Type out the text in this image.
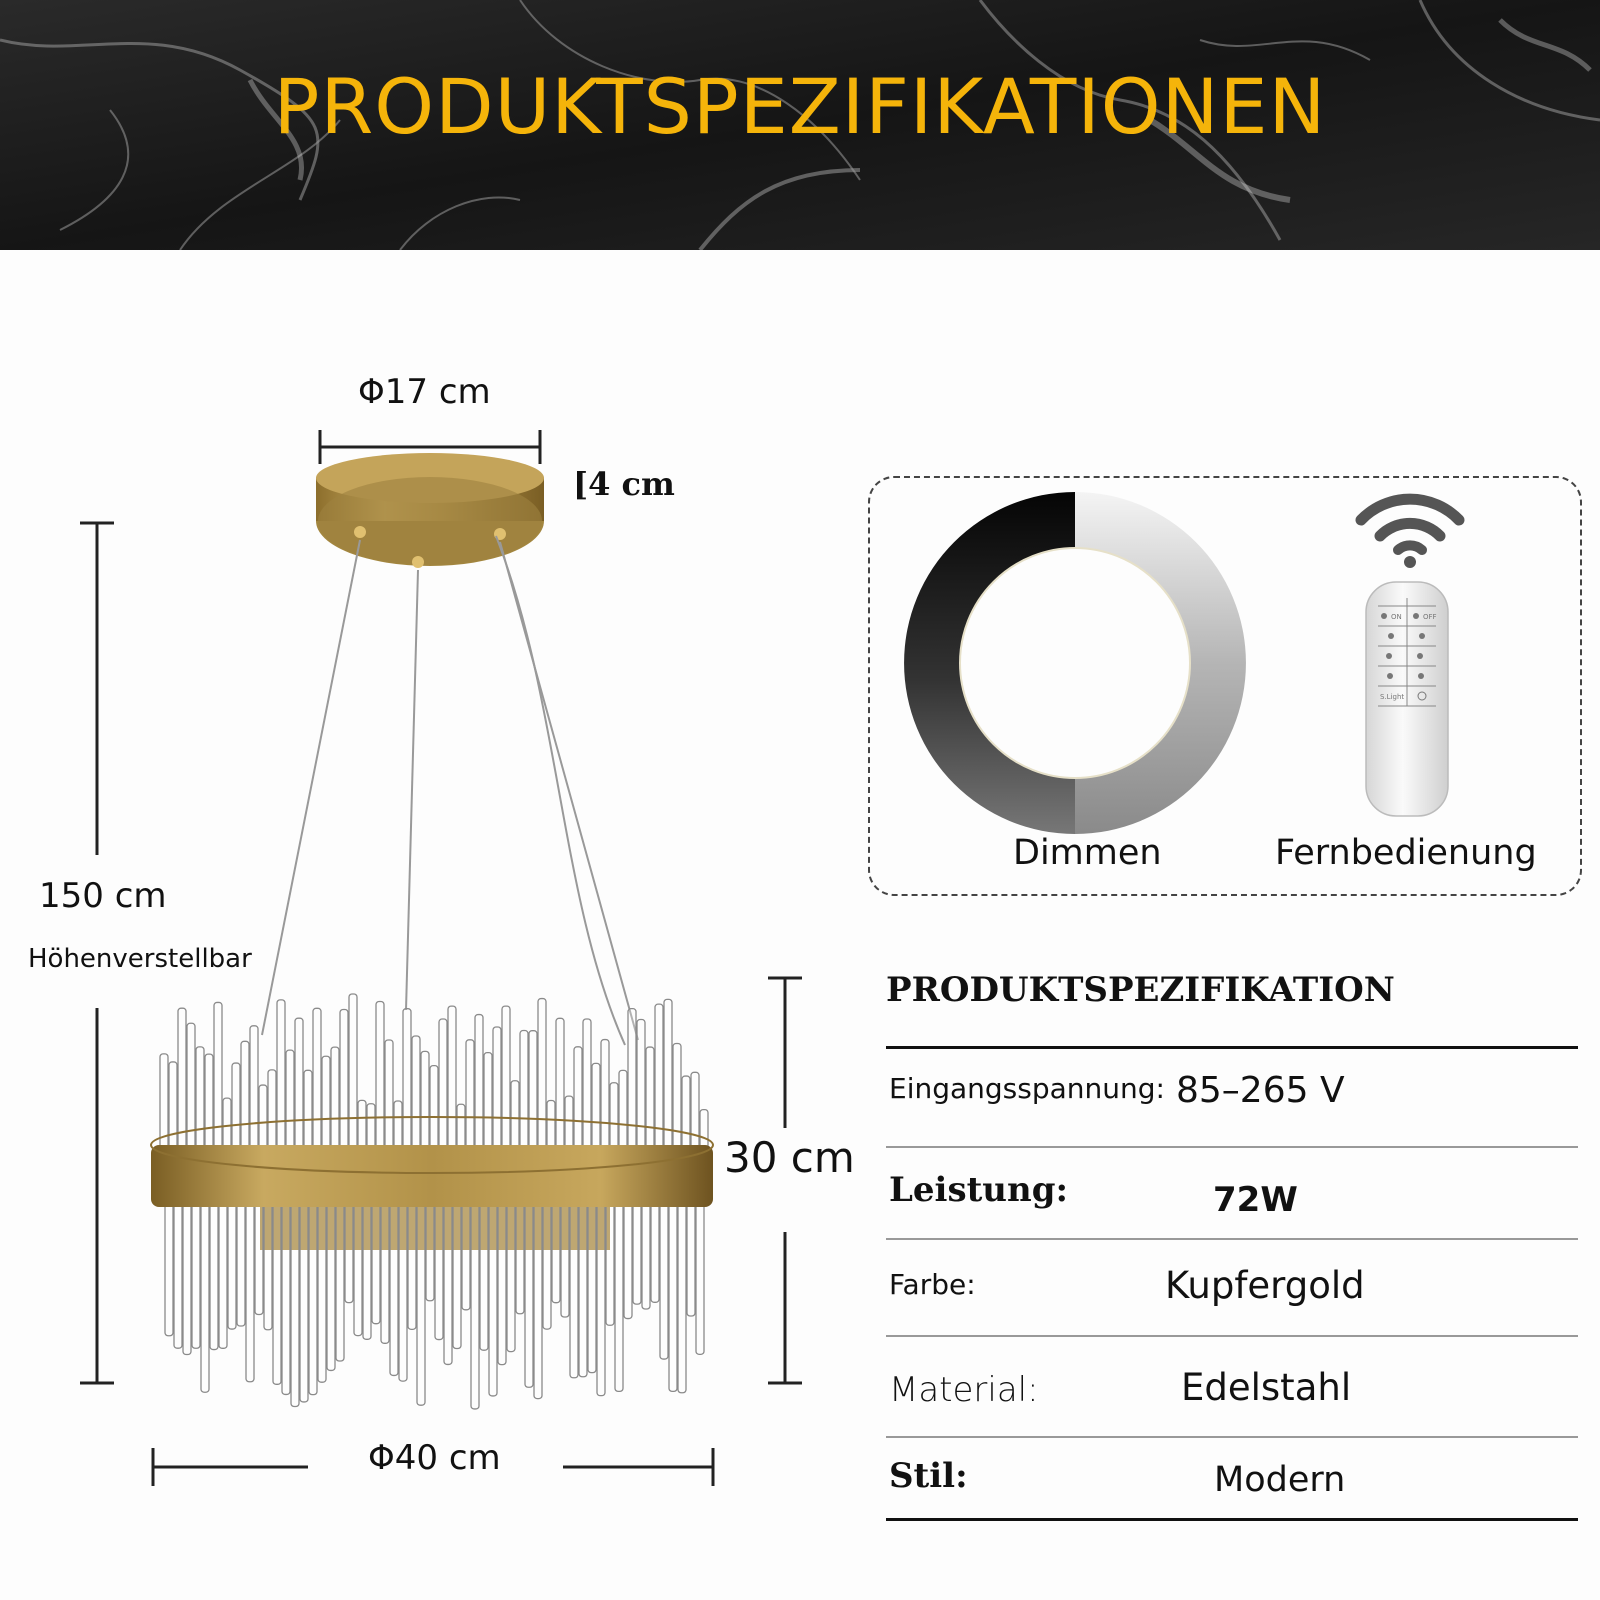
PRODUKTSPEZIFIKATIONEN
Φ17 cm
[4 cm
150 cm
Höhenverstellbar
30 cm
Φ40 cm
ON	OFF
S.Light
Dimmen	Fernbedienung
PRODUKTSPEZIFIKATION
Eingangsspannung: 85–265 V
Leistung:	72W
Farbe:	Kupfergold
Material:	Edelstahl
Stil:	Modern
